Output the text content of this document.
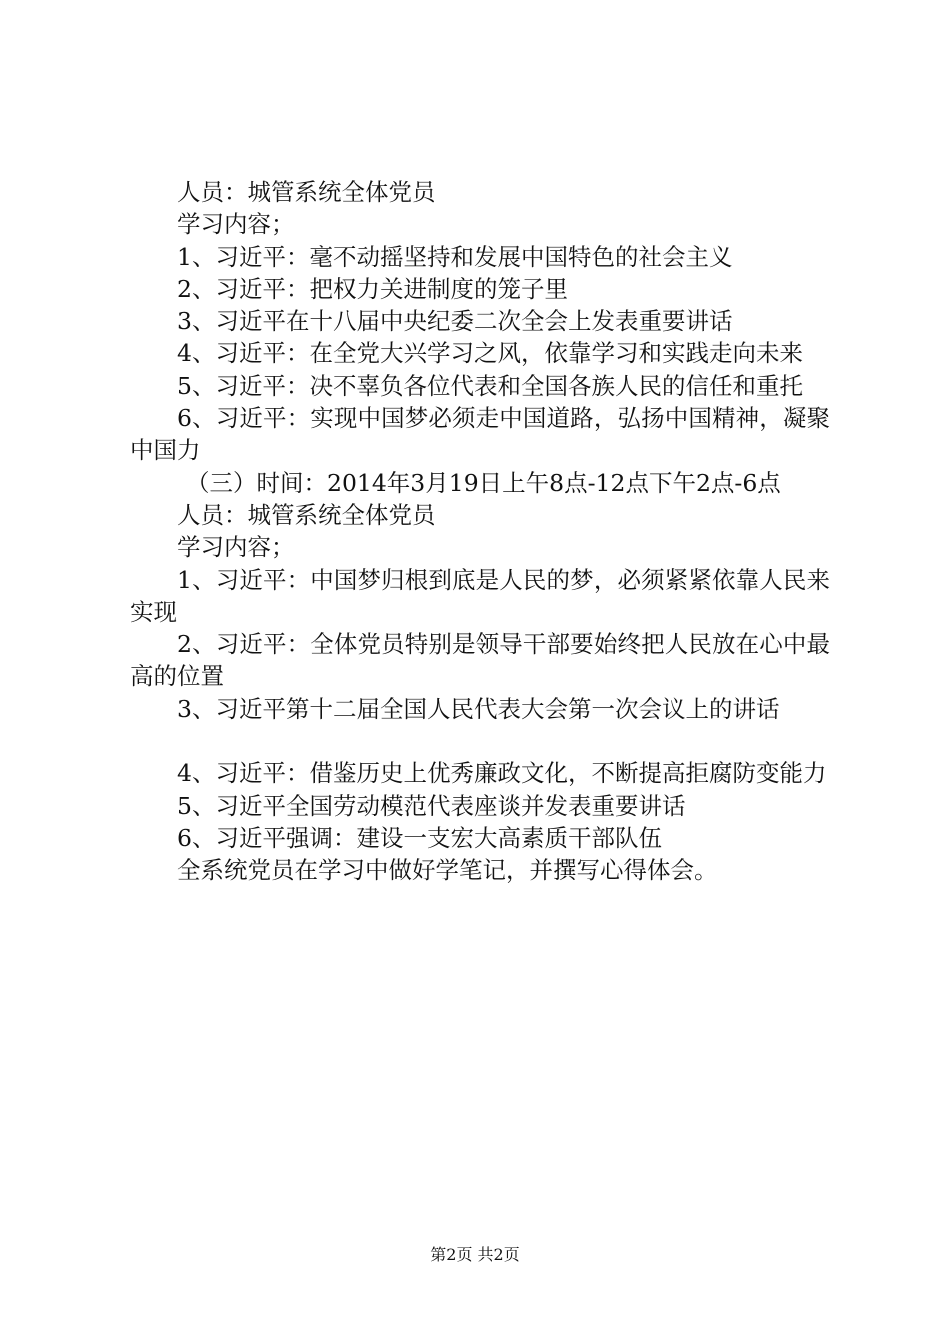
人员：城管系统全体党员

学习内容；

1、习近平：毫不动摇坚持和发展中国特色的社会主义

2、习近平：把权力关进制度的笼子里

3、习近平在十八届中央纪委二次全会上发表重要讲话

4、习近平：在全党大兴学习之风，依靠学习和实践走向未来

5、习近平：决不辜负各位代表和全国各族人民的信任和重托

6、习近平：实现中国梦必须走中国道路，弘扬中国精神，凝聚中国力

（三）时间：2014年3月19日上午8点-12点下午2点-6点

人员：城管系统全体党员

学习内容；

1、习近平：中国梦归根到底是人民的梦，必须紧紧依靠人民来实现

2、习近平：全体党员特别是领导干部要始终把人民放在心中最高的位置

3、习近平第十二届全国人民代表大会第一次会议上的讲话

4、习近平：借鉴历史上优秀廉政文化，不断提高拒腐防变能力

5、习近平全国劳动模范代表座谈并发表重要讲话

6、习近平强调：建设一支宏大高素质干部队伍

全系统党员在学习中做好学笔记，并撰写心得体会。

第2页 共2页
